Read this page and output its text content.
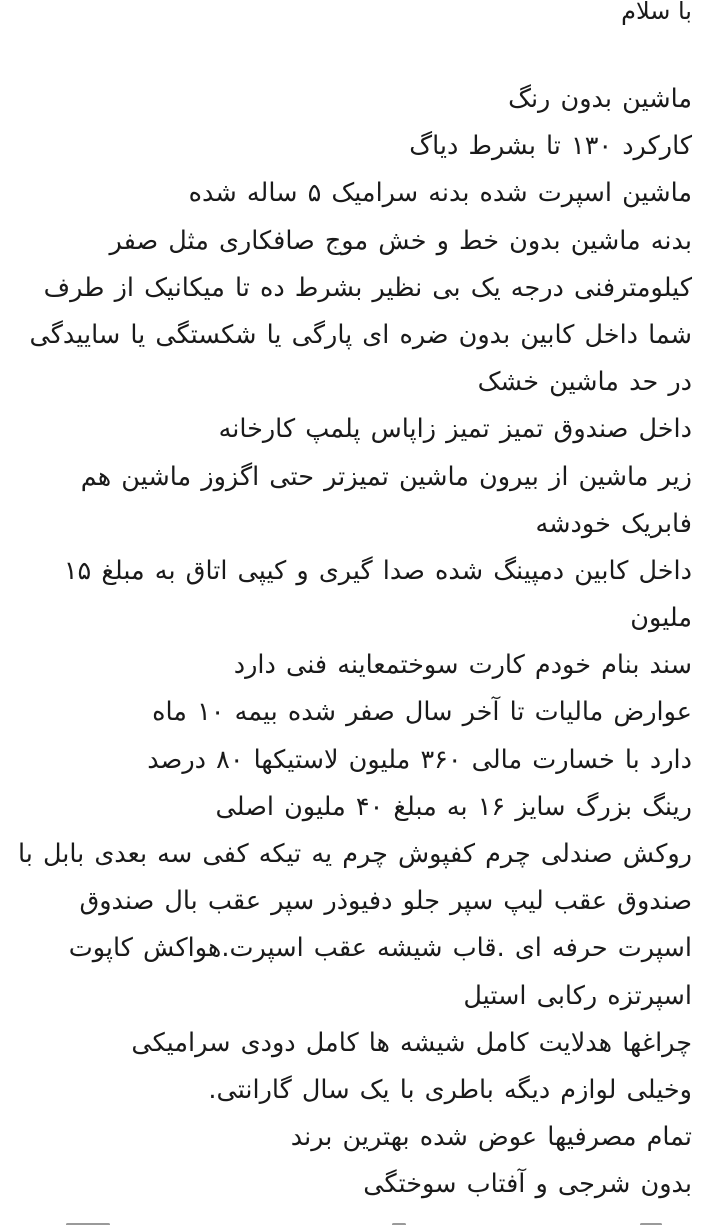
با سلام
ماشین بدون رنگ
کارکرد ۱۳۰ تا بشرط دیاگ
ماشین اسپرت شده بدنه سرامیک ۵ ساله شده
بدنه ماشین بدون خط و خش موج صافکاری مثل صفر
کیلومترفنی درجه یک بی نظیر بشرط ده تا میکانیک از طرف
شما داخل کابین بدون ضره ای پارگی یا شکستگی یا ساییدگی
در حد ماشین خشک
داخل صندوق تمیز تمیز زاپاس پلمپ کارخانه
زیر ماشین از بیرون ماشین تمیزتر حتی اگزوز ماشین هم
فابریک خودشه
داخل کابین دمپینگ شده صدا گیری و کیپی اتاق به مبلغ ۱۵
ملیون
سند بنام خودم کارت سوختمعاینه فنی دارد
عوارض مالیات تا آخر سال صفر شده بیمه ۱۰ ماه
دارد با خسارت مالی ۳۶۰ ملیون لاستیکها ۸۰ درصد
رینگ بزرگ سایز ۱۶ به مبلغ ۴۰ ملیون اصلی
روکش صندلی چرم کفپوش چرم یه تیکه کفی سه بعدی بابل با
صندوق عقب لیپ سپر جلو دفیوذر سپر عقب بال صندوق
اسپرت حرفه ای .قاب شیشه عقب اسپرت.هواکش کاپوت
اسپرتزه رکابی استیل
چراغها هدلایت کامل شیشه ها کامل دودی سرامیکی
وخیلی لوازم دیگه باطری با یک سال گارانتی.
تمام مصرفیها عوض شده بهترین برند
بدون شرجی و آفتاب سوختگی
